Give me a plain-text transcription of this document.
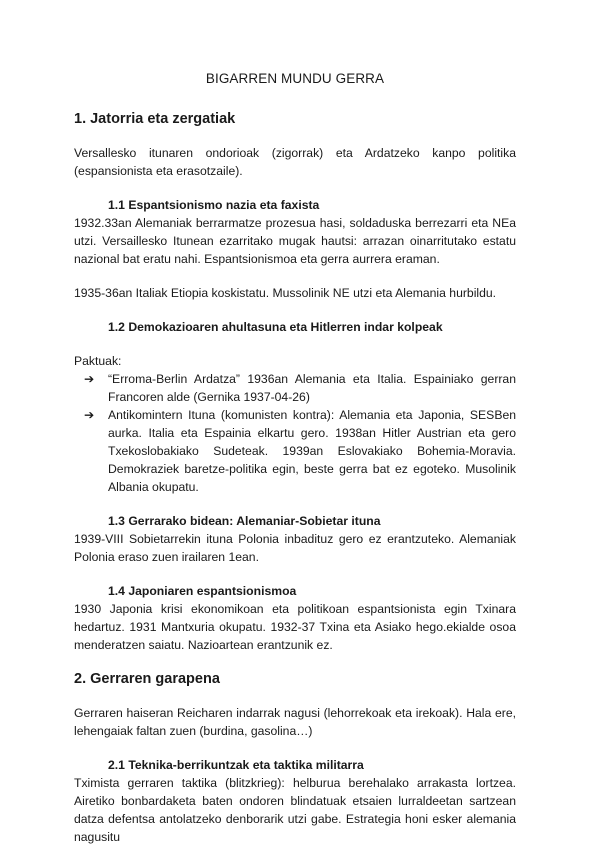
BIGARREN MUNDU GERRA
1. Jatorria eta zergatiak

Versallesko itunaren ondorioak (zigorrak) eta Ardatzeko kanpo politika (espansionista eta erasotzaile).

1.1 Espantsionismo nazia eta faxista

1932.33an Alemaniak berrarmatze prozesua hasi, soldaduska berrezarri eta NEa utzi. Versaillesko Itunean ezarritako mugak hautsi: arrazan oinarritutako estatu nazional bat eratu nahi. Espantsionismoa eta gerra aurrera eraman.

1935-36an Italiak Etiopia koskistatu. Mussolinik NE utzi eta Alemania hurbildu.

1.2 Demokazioaren ahultasuna eta Hitlerren indar kolpeak

Paktuak:

➔ “Erroma-Berlin Ardatza” 1936an Alemania eta Italia. Espainiako gerran Francoren alde (Gernika 1937-04-26)
➔ Antikomintern Ituna (komunisten kontra): Alemania eta Japonia, SESBen aurka. Italia eta Espainia elkartu gero. 1938an Hitler Austrian eta gero Txekoslobakiako Sudeteak. 1939an Eslovakiako Bohemia-Moravia. Demokraziek baretze-politika egin, beste gerra bat ez egoteko. Musolinik Albania okupatu.
1.3 Gerrarako bidean: Alemaniar-Sobietar ituna

1939-VIII Sobietarrekin ituna Polonia inbadituz gero ez erantzuteko. Alemaniak Polonia eraso zuen irailaren 1ean.

1.4 Japoniaren espantsionismoa

1930 Japonia krisi ekonomikoan eta politikoan espantsionista egin Txinara hedartuz. 1931 Mantxuria okupatu. 1932-37 Txina eta Asiako hego.ekialde osoa menderatzen saiatu. Nazioartean erantzunik ez.

2. Gerraren garapena

Gerraren haiseran Reicharen indarrak nagusi (lehorrekoak eta irekoak). Hala ere, lehengaiak faltan zuen (burdina, gasolina…)

2.1 Teknika-berrikuntzak eta taktika militarra

Tximista gerraren taktika (blitzkrieg): helburua berehalako arrakasta lortzea. Airetiko bonbardaketa baten ondoren blindatuak etsaien lurraldeetan sartzean datza defentsa antolatzeko denborarik utzi gabe. Estrategia honi esker alemania nagusitu
